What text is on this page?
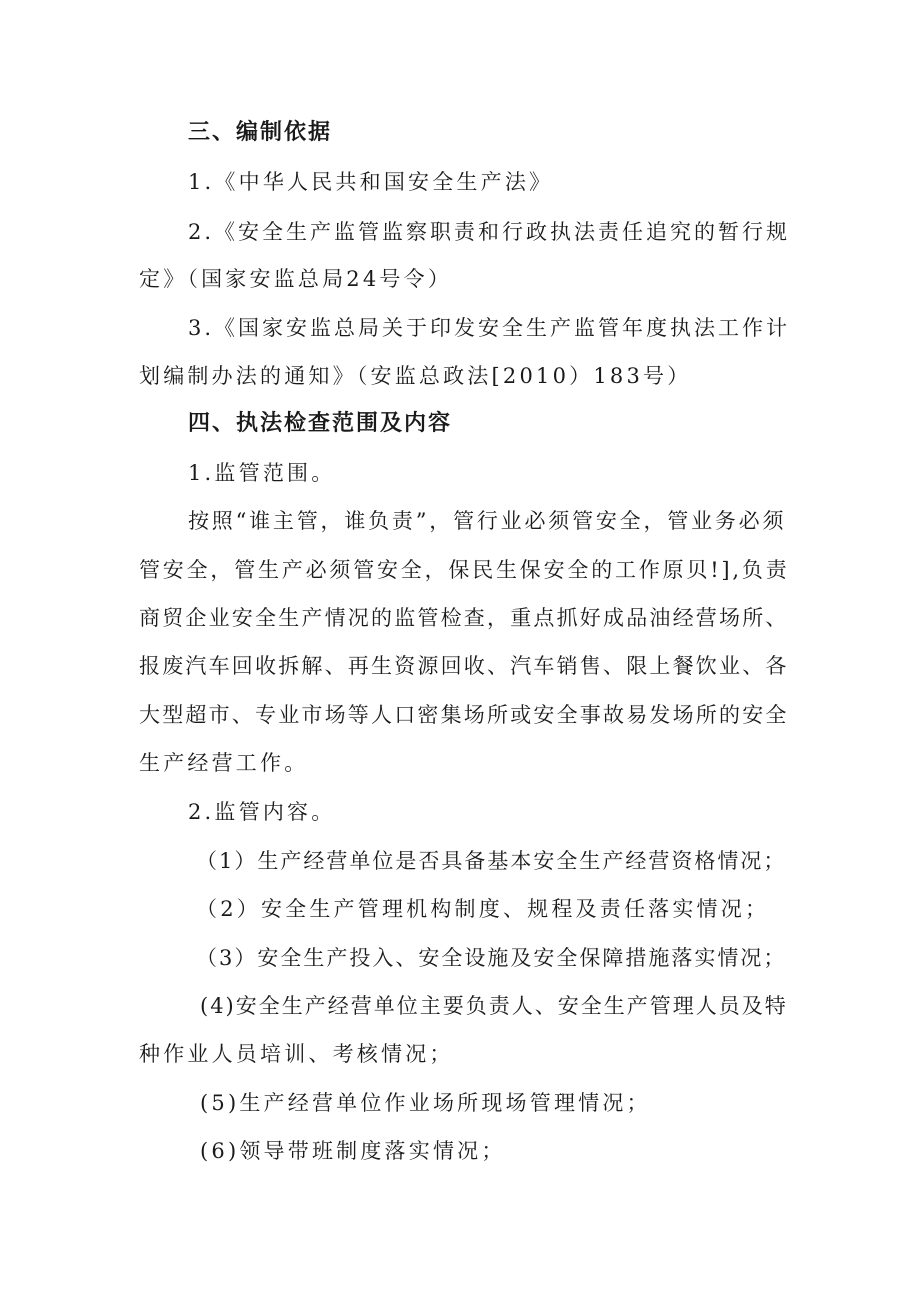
三、编制依据
1.《中华人民共和国安全生产法》
2.《安全生产监管监察职责和行政执法责任追究的暂行规
定》（国家安监总局24号令）
3.《国家安监总局关于印发安全生产监管年度执法工作计
划编制办法的通知》（安监总政法[2010）183号）
四、执法检查范围及内容
1.监管范围。
按照“谁主管，谁负责”，管行业必须管安全，管业务必须
管安全，管生产必须管安全，保民生保安全的工作原贝!],负责
商贸企业安全生产情况的监管检查，重点抓好成品油经营场所、
报废汽车回收拆解、再生资源回收、汽车销售、限上餐饮业、各
大型超市、专业市场等人口密集场所或安全事故易发场所的安全
生产经营工作。
2.监管内容。
（1）生产经营单位是否具备基本安全生产经营资格情况；
（2）安全生产管理机构制度、规程及责任落实情况；
（3）安全生产投入、安全设施及安全保障措施落实情况；
(4)安全生产经营单位主要负责人、安全生产管理人员及特
种作业人员培训、考核情况；
(5)生产经营单位作业场所现场管理情况；
(6)领导带班制度落实情况；
